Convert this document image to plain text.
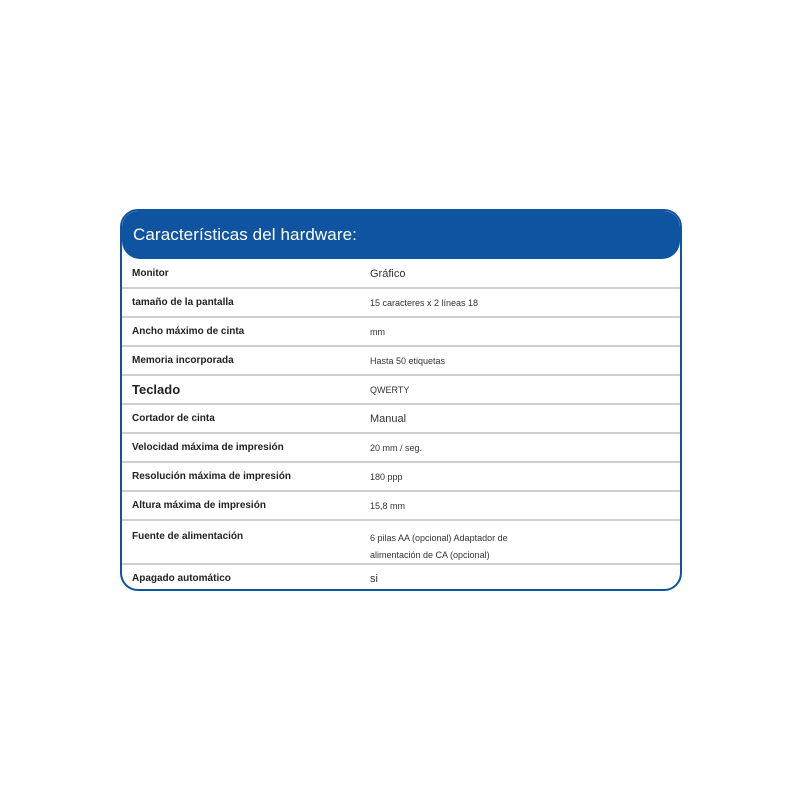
Características del hardware:
Monitor	Gráfico
tamaño de la pantalla	15 caracteres x 2 líneas 18
Ancho máximo de cinta	mm
Memoria incorporada	Hasta 50 etiquetas
Teclado	QWERTY
Cortador de cinta	Manual
Velocidad máxima de impresión	20 mm / seg.
Resolución máxima de impresión	180 ppp
Altura máxima de impresión	15,8 mm
Fuente de alimentación	6 pilas AA (opcional) Adaptador de alimentación de CA (opcional)
Apagado automático	si
